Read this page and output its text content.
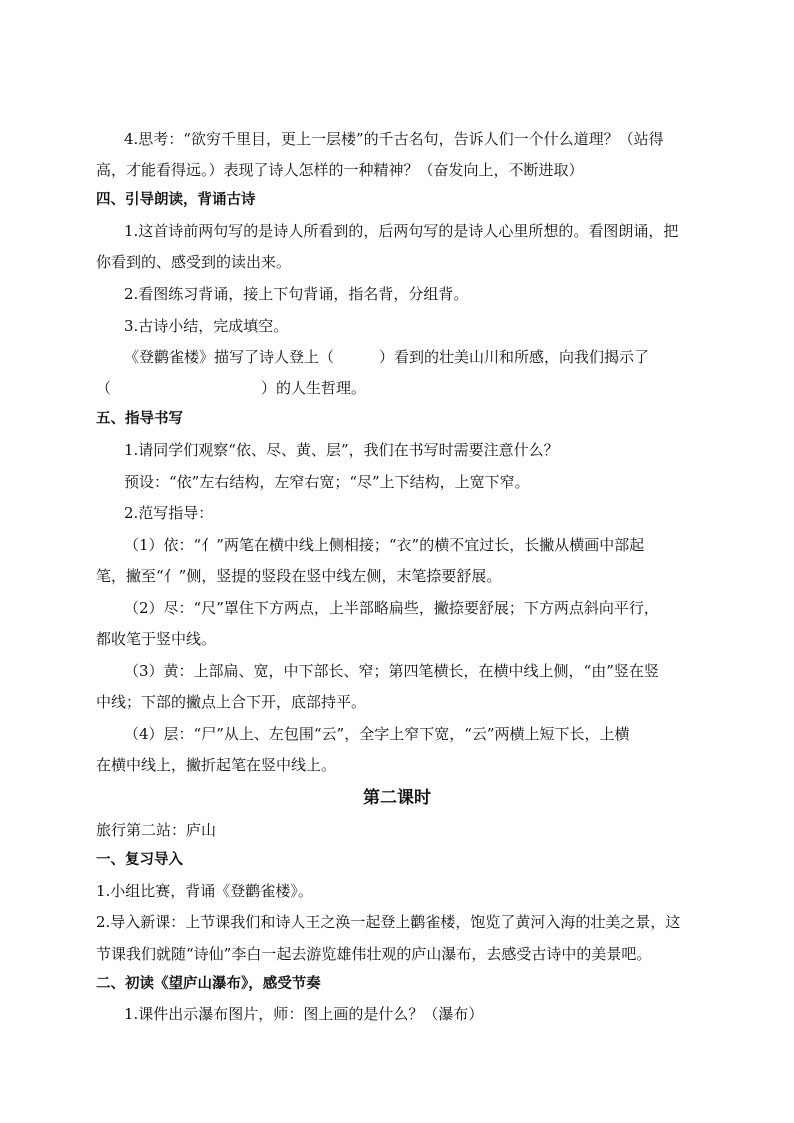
4.思考：“欲穷千里目，更上一层楼”的千古名句，告诉人们一个什么道理？（站得
高，才能看得远。）表现了诗人怎样的一种精神？（奋发向上，不断进取）
四、引导朗读，背诵古诗
1.这首诗前两句写的是诗人所看到的，后两句写的是诗人心里所想的。看图朗诵，把
你看到的、感受到的读出来。
2.看图练习背诵，接上下句背诵，指名背，分组背。
3.古诗小结，完成填空。
《登鹳雀楼》描写了诗人登上（　　　）看到的壮美山川和所感，向我们揭示了
（　　　　　　　　　　）的人生哲理。
五、指导书写
1.请同学们观察“依、尽、黄、层”，我们在书写时需要注意什么？
预设：“依”左右结构，左窄右宽；“尽”上下结构，上宽下窄。
2.范写指导：
（1）依：“亻”两笔在横中线上侧相接；“衣”的横不宜过长，长撇从横画中部起
笔，撇至“亻”侧，竖提的竖段在竖中线左侧，末笔捺要舒展。
（2）尽：“尺”罩住下方两点，上半部略扁些，撇捺要舒展；下方两点斜向平行，
都收笔于竖中线。
（3）黄：上部扁、宽，中下部长、窄；第四笔横长，在横中线上侧，“由”竖在竖
中线；下部的撇点上合下开，底部持平。
（4）层：“尸”从上、左包围“云”，全字上窄下宽，“云”两横上短下长，上横
在横中线上，撇折起笔在竖中线上。
第二课时
旅行第二站：庐山
一、复习导入
1.小组比赛，背诵《登鹳雀楼》。
2.导入新课：上节课我们和诗人王之涣一起登上鹳雀楼，饱览了黄河入海的壮美之景，这
节课我们就随“诗仙”李白一起去游览雄伟壮观的庐山瀑布，去感受古诗中的美景吧。
二、初读《望庐山瀑布》，感受节奏
1.课件出示瀑布图片，师：图上画的是什么？（瀑布）
